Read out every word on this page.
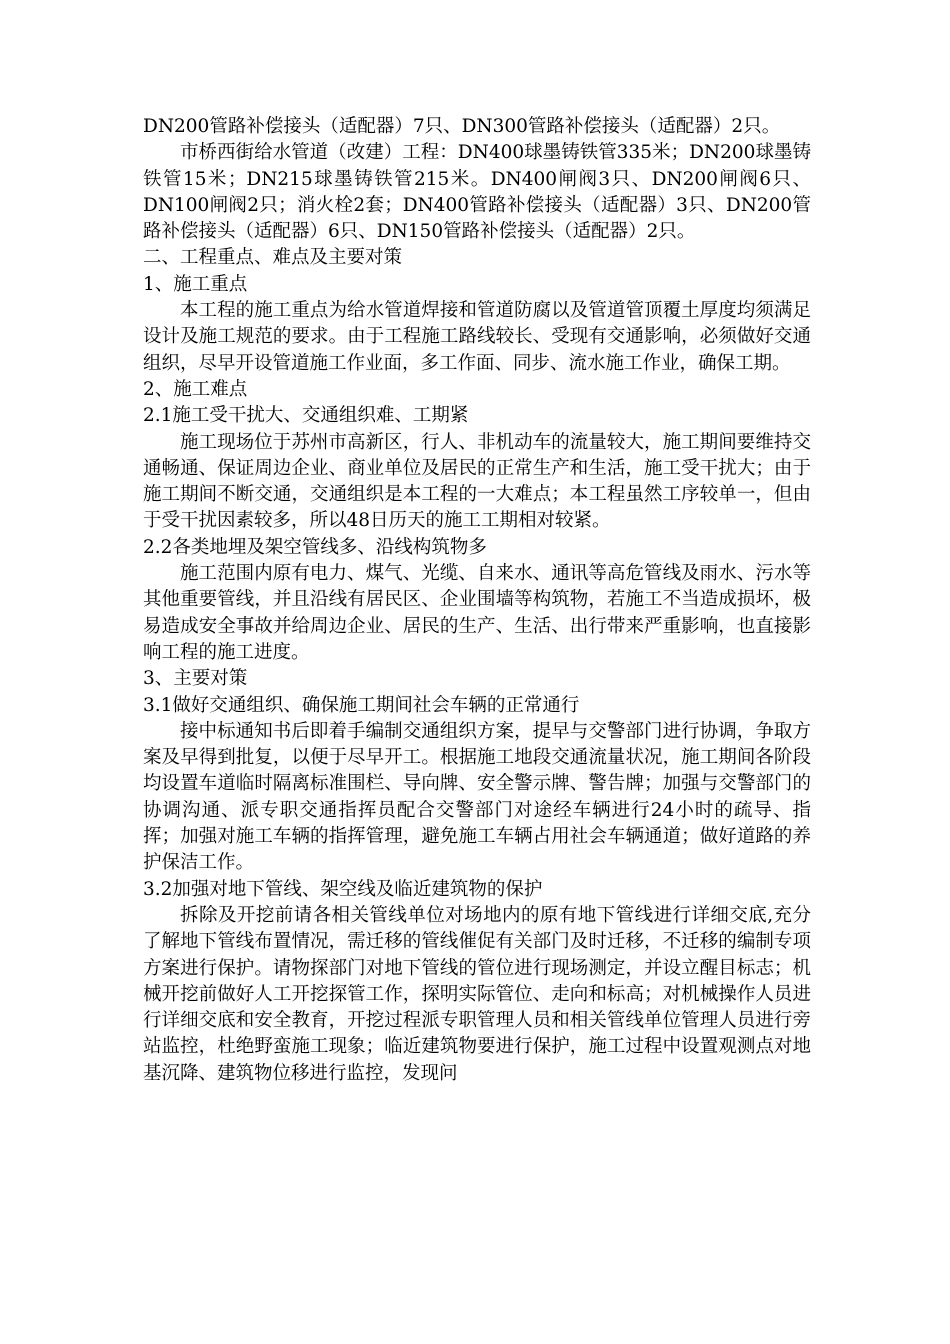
DN200管路补偿接头（适配器）7只、DN300管路补偿接头（适配器）2只。

市桥西街给水管道（改建）工程：DN400球墨铸铁管335米；DN200球墨铸铁管15米；DN215球墨铸铁管215米。DN400闸阀3只、DN200闸阀6只、DN100闸阀2只；消火栓2套；DN400管路补偿接头（适配器）3只、DN200管路补偿接头（适配器）6只、DN150管路补偿接头（适配器）2只。

二、工程重点、难点及主要对策

1、施工重点

本工程的施工重点为给水管道焊接和管道防腐以及管道管顶覆土厚度均须满足设计及施工规范的要求。由于工程施工路线较长、受现有交通影响，必须做好交通组织，尽早开设管道施工作业面，多工作面、同步、流水施工作业，确保工期。

2、施工难点

2.1施工受干扰大、交通组织难、工期紧

施工现场位于苏州市高新区，行人、非机动车的流量较大，施工期间要维持交通畅通、保证周边企业、商业单位及居民的正常生产和生活，施工受干扰大；由于施工期间不断交通，交通组织是本工程的一大难点；本工程虽然工序较单一，但由于受干扰因素较多，所以48日历天的施工工期相对较紧。

2.2各类地埋及架空管线多、沿线构筑物多

施工范围内原有电力、煤气、光缆、自来水、通讯等高危管线及雨水、污水等其他重要管线，并且沿线有居民区、企业围墙等构筑物，若施工不当造成损坏，极易造成安全事故并给周边企业、居民的生产、生活、出行带来严重影响，也直接影响工程的施工进度。

3、主要对策

3.1做好交通组织、确保施工期间社会车辆的正常通行

接中标通知书后即着手编制交通组织方案，提早与交警部门进行协调，争取方案及早得到批复，以便于尽早开工。根据施工地段交通流量状况，施工期间各阶段均设置车道临时隔离标准围栏、导向牌、安全警示牌、警告牌；加强与交警部门的协调沟通、派专职交通指挥员配合交警部门对途经车辆进行24小时的疏导、指挥；加强对施工车辆的指挥管理，避免施工车辆占用社会车辆通道；做好道路的养护保洁工作。

3.2加强对地下管线、架空线及临近建筑物的保护

拆除及开挖前请各相关管线单位对场地内的原有地下管线进行详细交底,充分了解地下管线布置情况，需迁移的管线催促有关部门及时迁移，不迁移的编制专项方案进行保护。请物探部门对地下管线的管位进行现场测定，并设立醒目标志；机械开挖前做好人工开挖探管工作，探明实际管位、走向和标高；对机械操作人员进行详细交底和安全教育，开挖过程派专职管理人员和相关管线单位管理人员进行旁站监控，杜绝野蛮施工现象；临近建筑物要进行保护，施工过程中设置观测点对地基沉降、建筑物位移进行监控，发现问
